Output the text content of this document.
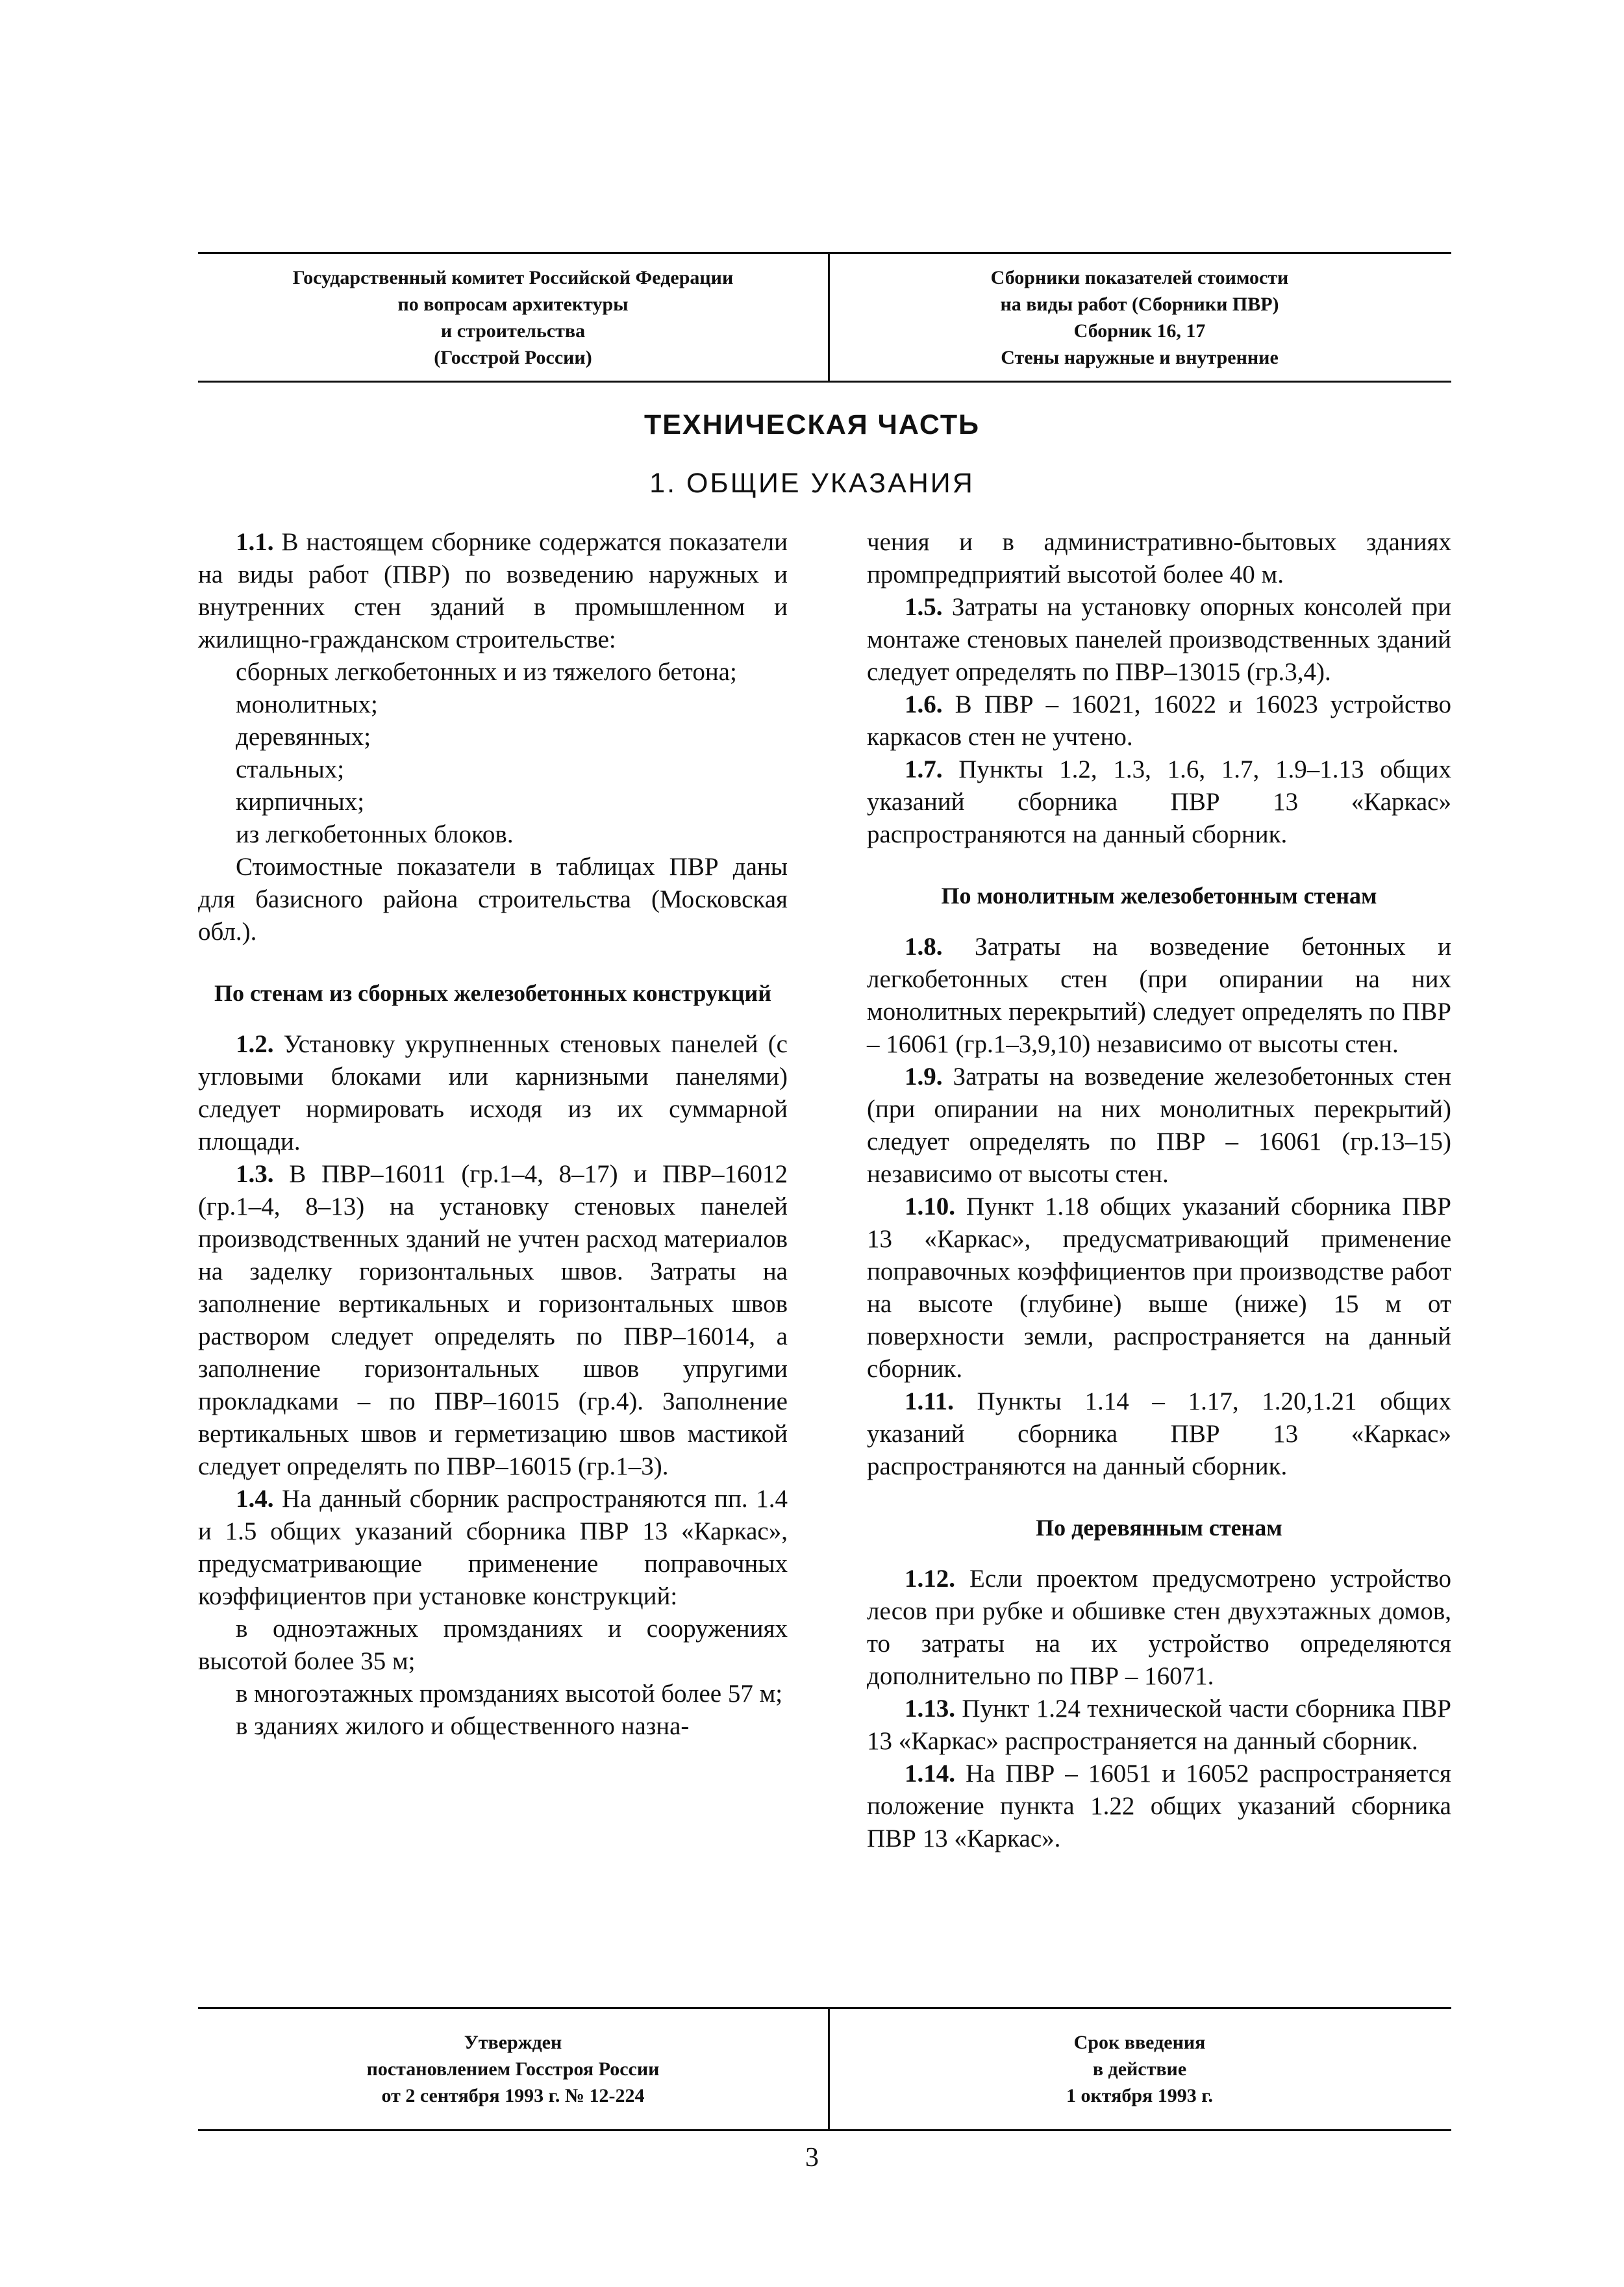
Государственный комитет Российской Федерации
по вопросам архитектуры
и строительства
(Госстрой России)
Сборники показателей стоимости
на виды работ (Сборники ПВР)
Сборник 16, 17
Стены наружные и внутренние
ТЕХНИЧЕСКАЯ ЧАСТЬ
1. ОБЩИЕ УКАЗАНИЯ

1.1. В настоящем сборнике содержатся показатели на виды работ (ПВР) по возведению наружных и внутренних стен зданий в промышленном и жилищно-гражданском строительстве:

сборных легкобетонных и из тяжелого бетона;

монолитных;

деревянных;

стальных;

кирпичных;

из легкобетонных блоков.

Стоимостные показатели в таблицах ПВР даны для базисного района строительства (Московская обл.).

По стенам из сборных железобетонных конструкций

1.2. Установку укрупненных стеновых панелей (с угловыми блоками или карнизными панелями) следует нормировать исходя из их суммарной площади.

1.3. В ПВР–16011 (гр.1–4, 8–17) и ПВР–16012 (гр.1–4, 8–13) на установку стеновых панелей производственных зданий не учтен расход материалов на заделку горизонтальных швов. Затраты на заполнение вертикальных и горизонтальных швов раствором следует определять по ПВР–16014, а заполнение горизонтальных швов упругими прокладками – по ПВР–16015 (гр.4). Заполнение вертикальных швов и герметизацию швов мастикой следует определять по ПВР–16015 (гр.1–3).

1.4. На данный сборник распространяются пп. 1.4 и 1.5 общих указаний сборника ПВР 13 «Каркас», предусматривающие применение поправочных коэффициентов при установке конструкций:

в одноэтажных промзданиях и сооружениях высотой более 35 м;

в многоэтажных промзданиях высотой более 57 м;

в зданиях жилого и общественного назна-

чения и в административно-бытовых зданиях промпредприятий высотой более 40 м.

1.5. Затраты на установку опорных консолей при монтаже стеновых панелей производственных зданий следует определять по ПВР–13015 (гр.3,4).

1.6. В ПВР – 16021, 16022 и 16023 устройство каркасов стен не учтено.

1.7. Пункты 1.2, 1.3, 1.6, 1.7, 1.9–1.13 общих указаний сборника ПВР 13 «Каркас» распространяются на данный сборник.

По монолитным железобетонным стенам

1.8. Затраты на возведение бетонных и легкобетонных стен (при опирании на них монолитных перекрытий) следует определять по ПВР – 16061 (гр.1–3,9,10) независимо от высоты стен.

1.9. Затраты на возведение железобетонных стен (при опирании на них монолитных перекрытий) следует определять по ПВР – 16061 (гр.13–15) независимо от высоты стен.

1.10. Пункт 1.18 общих указаний сборника ПВР 13 «Каркас», предусматривающий применение поправочных коэффициентов при производстве работ на высоте (глубине) выше (ниже) 15 м от поверхности земли, распространяется на данный сборник.

1.11. Пункты 1.14 – 1.17, 1.20,1.21 общих указаний сборника ПВР 13 «Каркас» распространяются на данный сборник.

По деревянным стенам

1.12. Если проектом предусмотрено устройство лесов при рубке и обшивке стен двухэтажных домов, то затраты на их устройство определяются дополнительно по ПВР – 16071.

1.13. Пункт 1.24 технической части сборника ПВР 13 «Каркас» распространяется на данный сборник.

1.14. На ПВР – 16051 и 16052 распространяется положение пункта 1.22 общих указаний сборника ПВР 13 «Каркас».

Утвержден
постановлением Госстроя России
от 2 сентября 1993 г. № 12-224
Срок введения
в действие
1 октября 1993 г.
3
